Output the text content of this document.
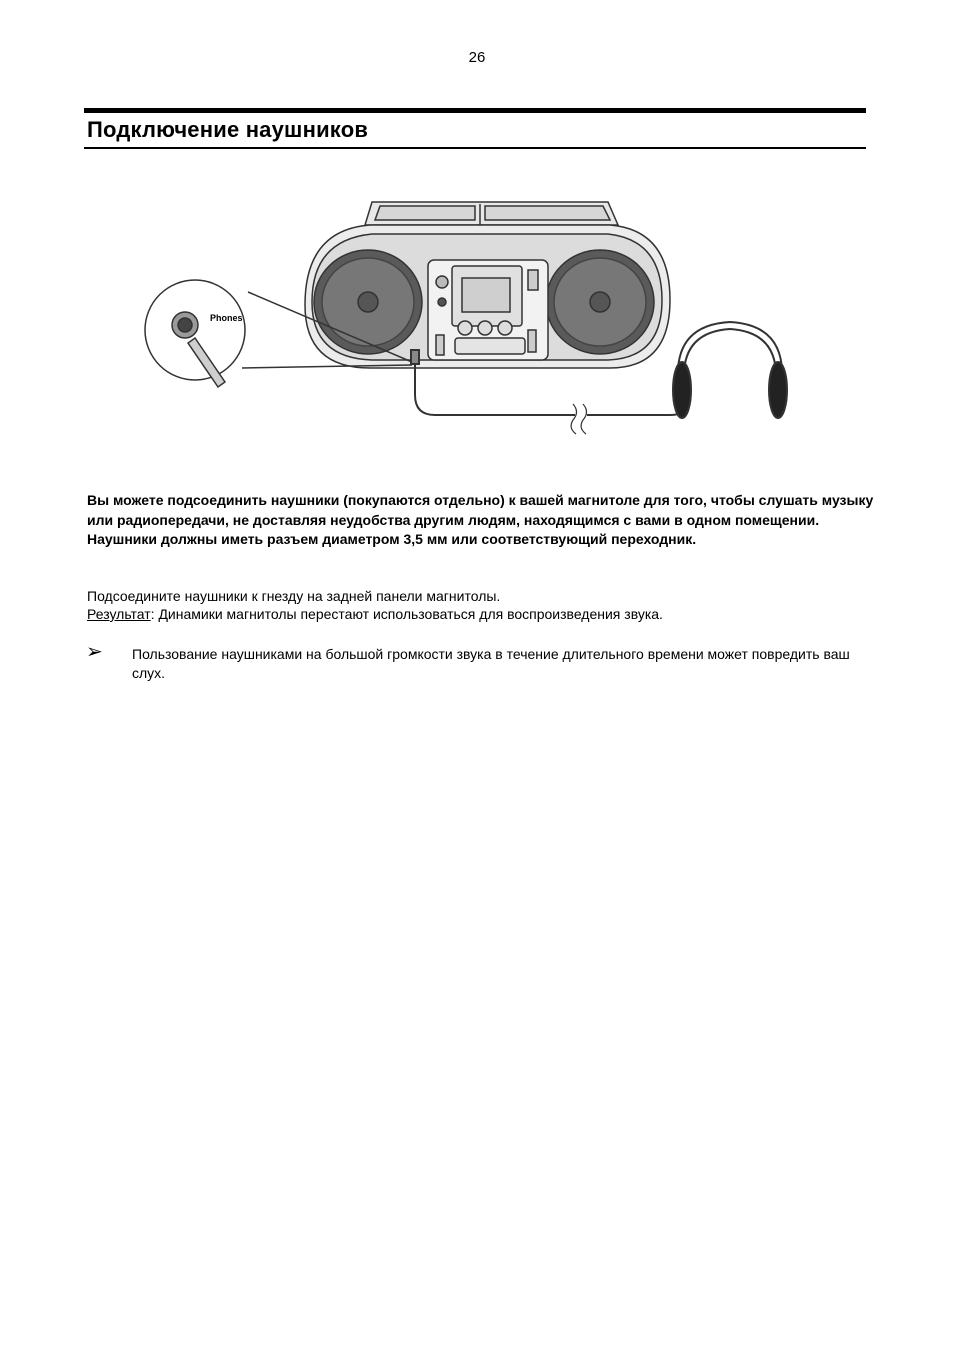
26
Подключение наушников
Phones
Вы можете подсоединить наушники (покупаются отдельно) к вашей магнитоле для того, чтобы слушать музыку или радиопередачи, не доставляя неудобства другим людям, находящимся с вами в одном помещении. Наушники должны иметь разъем диаметром 3,5 мм или соответствующий переходник.
Подсоедините наушники к гнезду на задней панели магнитолы.
Результат: Динамики магнитолы перестают использоваться для воспроизведения звука.
➢ Пользование наушниками на большой громкости звука в течение длительного времени может повредить ваш слух.
